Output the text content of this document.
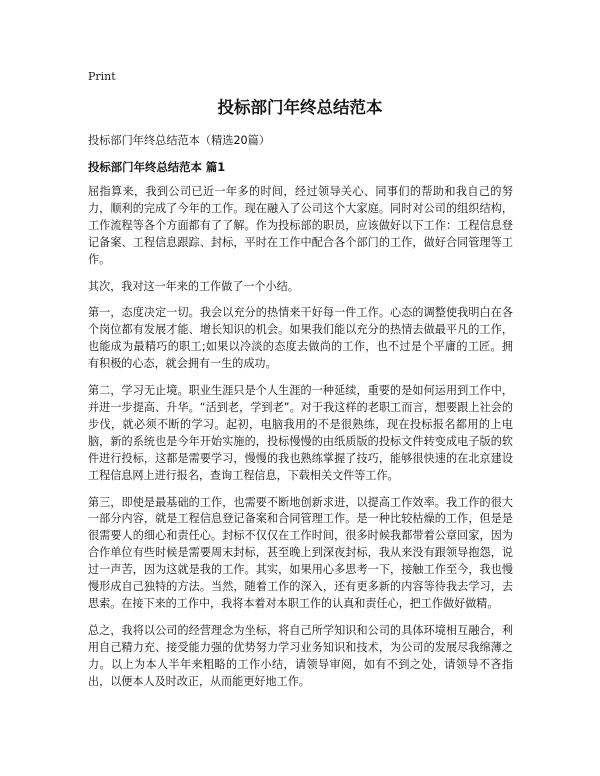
Print
投标部门年终总结范本
投标部门年终总结范本（精选20篇）
投标部门年终总结范本 篇1

屈指算来，我到公司已近一年多的时间，经过领导关心、同事们的帮助和我自己的努力，顺利的完成了今年的工作。现在融入了公司这个大家庭。同时对公司的组织结构，工作流程等各个方面都有了了解。作为投标部的职员，应该做好以下工作：工程信息登记备案、工程信息跟踪、封标，平时在工作中配合各个部门的工作，做好合同管理等工作。

其次，我对这一年来的工作做了一个小结。

第一，态度决定一切。我会以充分的热情来干好每一件工作。心态的调整使我明白在各个岗位都有发展才能、增长知识的机会。如果我们能以充分的热情去做最平凡的工作，也能成为最精巧的职工;如果以冷淡的态度去做尚的工作，也不过是个平庸的工匠。拥有积极的心态，就会拥有一生的成功。

第二，学习无止境。职业生涯只是个人生涯的一种延续，重要的是如何运用到工作中，并进一步提高、升华。“活到老，学到老”。对于我这样的老职工而言，想要跟上社会的步伐，就必须不断的学习。起初，电脑我用的不是很熟练，现在投标报名都用的上电脑，新的系统也是今年开始实施的，投标慢慢的由纸质版的投标文件转变成电子版的软件进行投标，这都是需要学习，慢慢的我也熟练掌握了技巧，能够很快速的在北京建设工程信息网上进行报名，查询工程信息，下载相关文件等工作。

第三，即使是最基础的工作，也需要不断地创新求进，以提高工作效率。我工作的很大一部分内容，就是工程信息登记备案和合同管理工作。是一种比较枯燥的工作，但是是很需要人的细心和责任心。封标不仅仅在工作时间，很多时候我都带着公章回家，因为合作单位有些时候是需要周末封标，甚至晚上到深夜封标，我从来没有跟领导抱怨，说过一声苦，因为这就是我的工作。其实，如果用心多思考一下，接触工作至今，我也慢慢形成自己独特的方法。当然，随着工作的深入，还有更多新的内容等待我去学习，去思索。在接下来的工作中，我将本着对本职工作的认真和责任心，把工作做好做精。

总之，我将以公司的经营理念为坐标，将自己所学知识和公司的具体环境相互融合，利用自己精力充、接受能力强的优势努力学习业务知识和技术，为公司的发展尽我绵薄之力。以上为本人半年来粗略的工作小结，请领导审阅，如有不到之处，请领导不吝指出，以便本人及时改正，从而能更好地工作。
